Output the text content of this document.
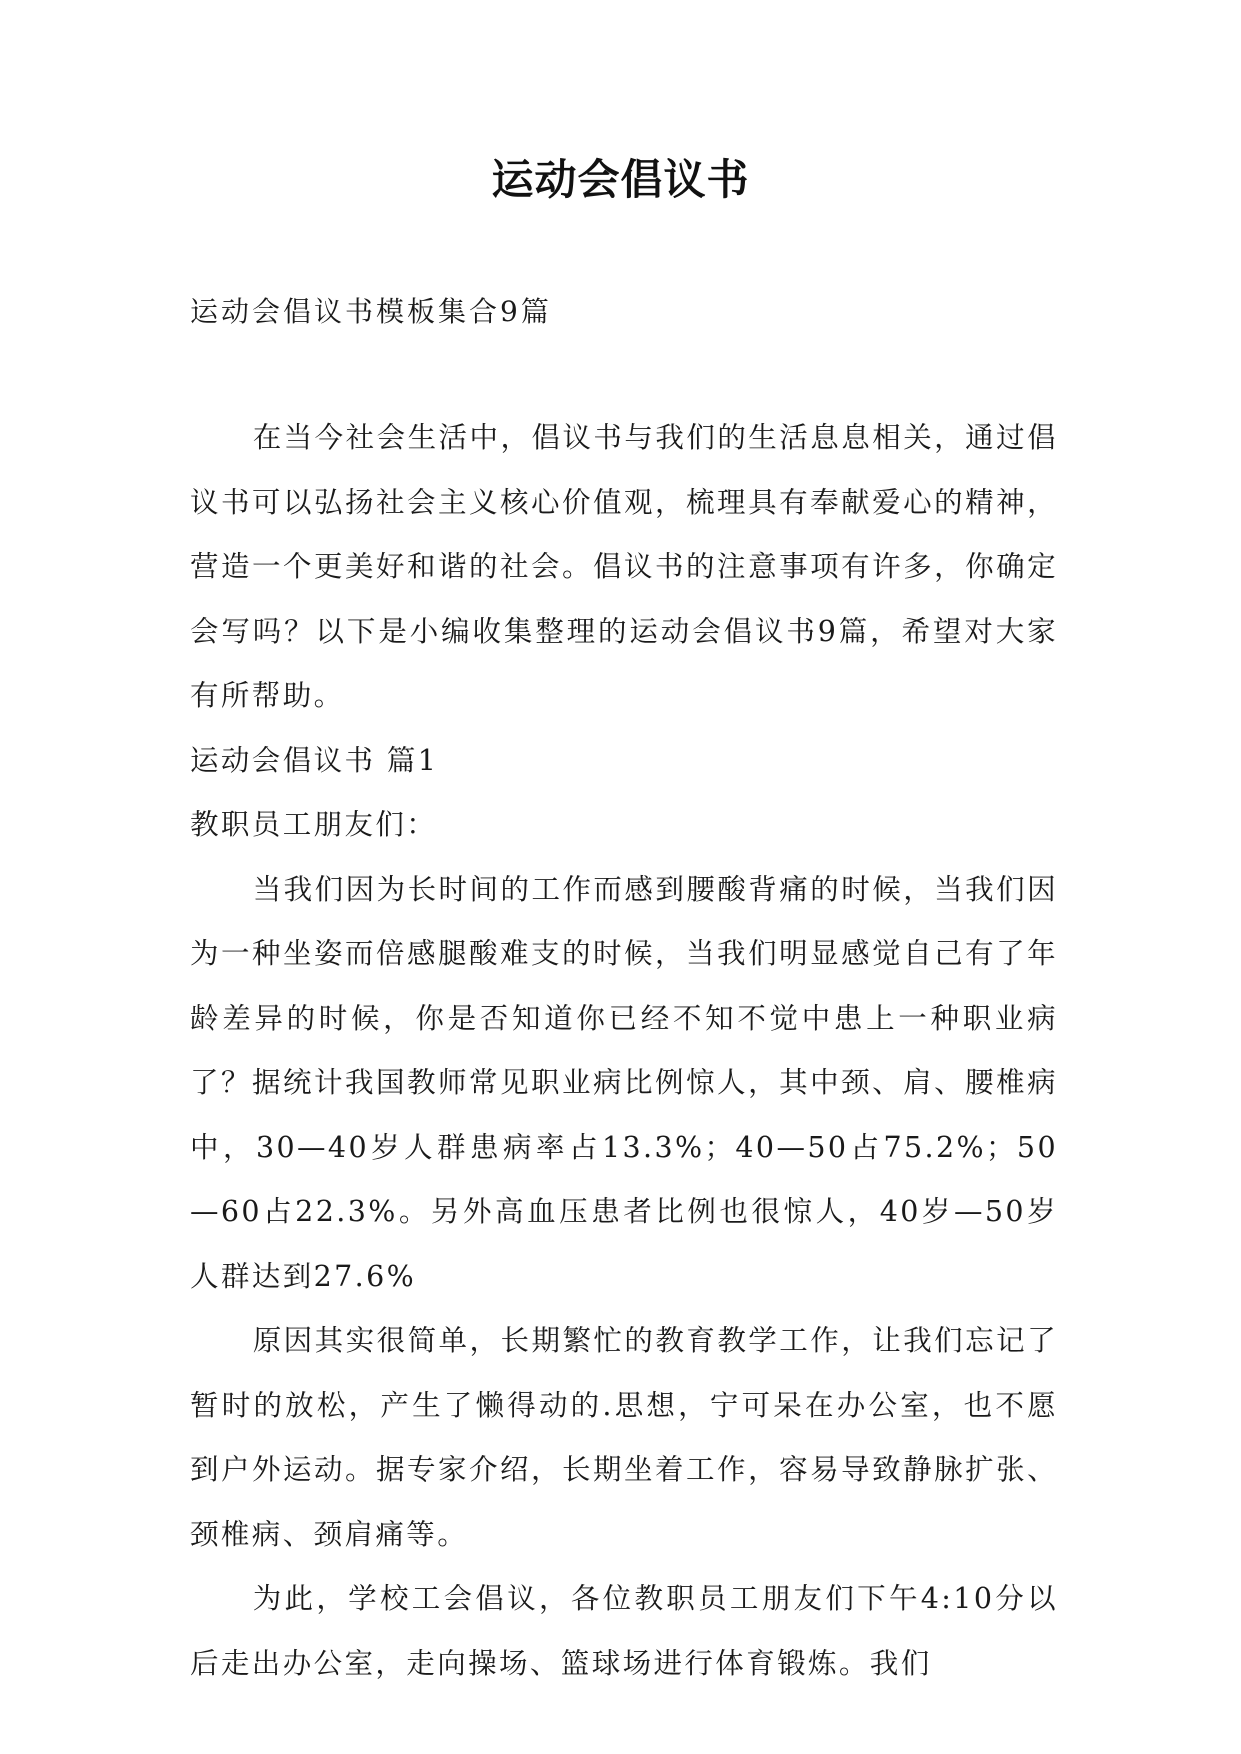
运动会倡议书
运动会倡议书模板集合9篇

在当今社会生活中，倡议书与我们的生活息息相关，通过倡议书可以弘扬社会主义核心价值观，梳理具有奉献爱心的精神，营造一个更美好和谐的社会。倡议书的注意事项有许多，你确定会写吗？以下是小编收集整理的运动会倡议书9篇，希望对大家有所帮助。

运动会倡议书 篇1

教职员工朋友们：

当我们因为长时间的工作而感到腰酸背痛的时候，当我们因为一种坐姿而倍感腿酸难支的时候，当我们明显感觉自己有了年龄差异的时候，你是否知道你已经不知不觉中患上一种职业病了？据统计我国教师常见职业病比例惊人，其中颈、肩、腰椎病中，30—40岁人群患病率占13.3%；40—50占75.2%；50—60占22.3%。另外高血压患者比例也很惊人，40岁—50岁人群达到27.6%

原因其实很简单，长期繁忙的教育教学工作，让我们忘记了暂时的放松，产生了懒得动的.思想，宁可呆在办公室，也不愿到户外运动。据专家介绍，长期坐着工作，容易导致静脉扩张、颈椎病、颈肩痛等。

为此，学校工会倡议，各位教职员工朋友们下午4:10分以后走出办公室，走向操场、篮球场进行体育锻炼。我们
